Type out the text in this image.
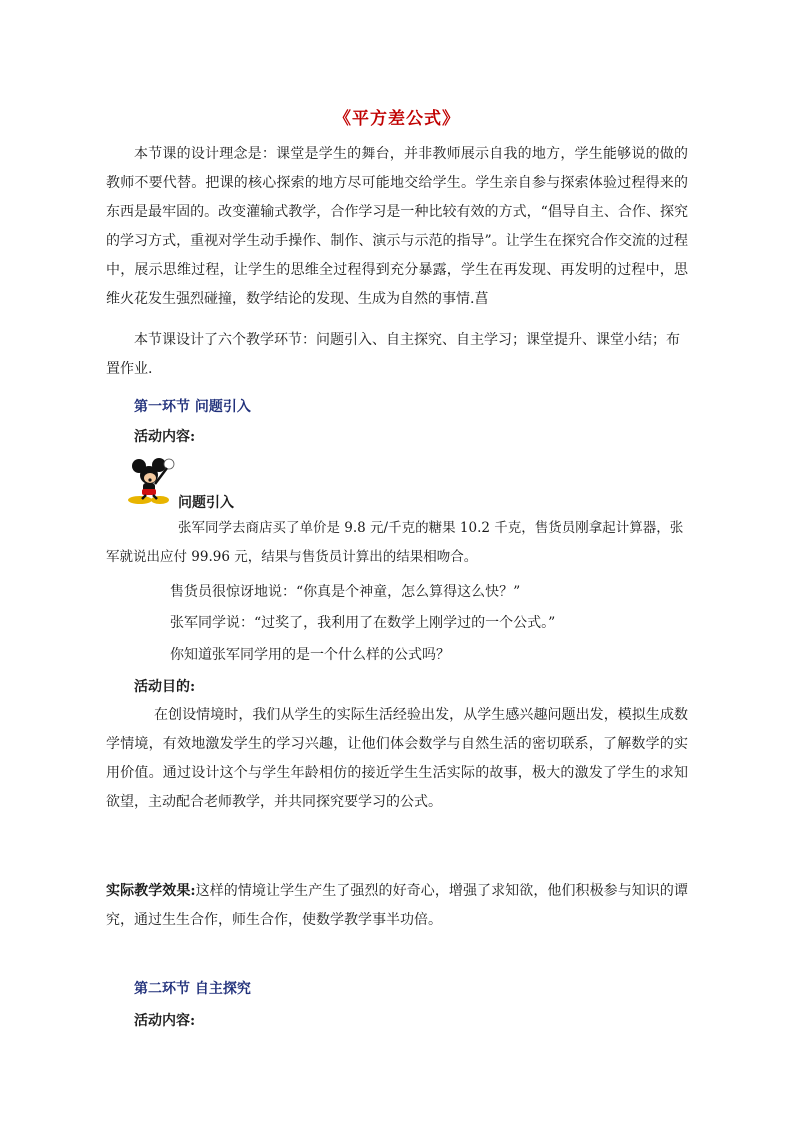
《平方差公式》

本节课的设计理念是：课堂是学生的舞台，并非教师展示自我的地方，学生能够说的做的教师不要代替。把课的核心探索的地方尽可能地交给学生。学生亲自参与探索体验过程得来的东西是最牢固的。改变灌输式教学，合作学习是一种比较有效的方式，“倡导自主、合作、探究的学习方式，重视对学生动手操作、制作、演示与示范的指导”。让学生在探究合作交流的过程中，展示思维过程，让学生的思维全过程得到充分暴露，学生在再发现、再发明的过程中，思维火花发生强烈碰撞，数学结论的发现、生成为自然的事情.菖

本节课设计了六个教学环节：问题引入、自主探究、自主学习；课堂提升、课堂小结；布置作业.

第一环节 问题引入
活动内容:
问题引入

张军同学去商店买了单价是 9.8 元/千克的糖果 10.2 千克，售货员刚拿起计算器，张军就说出应付 99.96 元，结果与售货员计算出的结果相吻合。

售货员很惊讶地说：“你真是个神童，怎么算得这么快？”
张军同学说：“过奖了，我利用了在数学上刚学过的一个公式。”
你知道张军同学用的是一个什么样的公式吗？
活动目的:

在创设情境时，我们从学生的实际生活经验出发，从学生感兴趣问题出发，模拟生成数学情境，有效地激发学生的学习兴趣，让他们体会数学与自然生活的密切联系，了解数学的实用价值。通过设计这个与学生年龄相仿的接近学生生活实际的故事，极大的激发了学生的求知欲望，主动配合老师教学，并共同探究要学习的公式。

实际教学效果:这样的情境让学生产生了强烈的好奇心，增强了求知欲，他们积极参与知识的谭究，通过生生合作，师生合作，使数学教学事半功倍。

第二环节 自主探究
活动内容:
